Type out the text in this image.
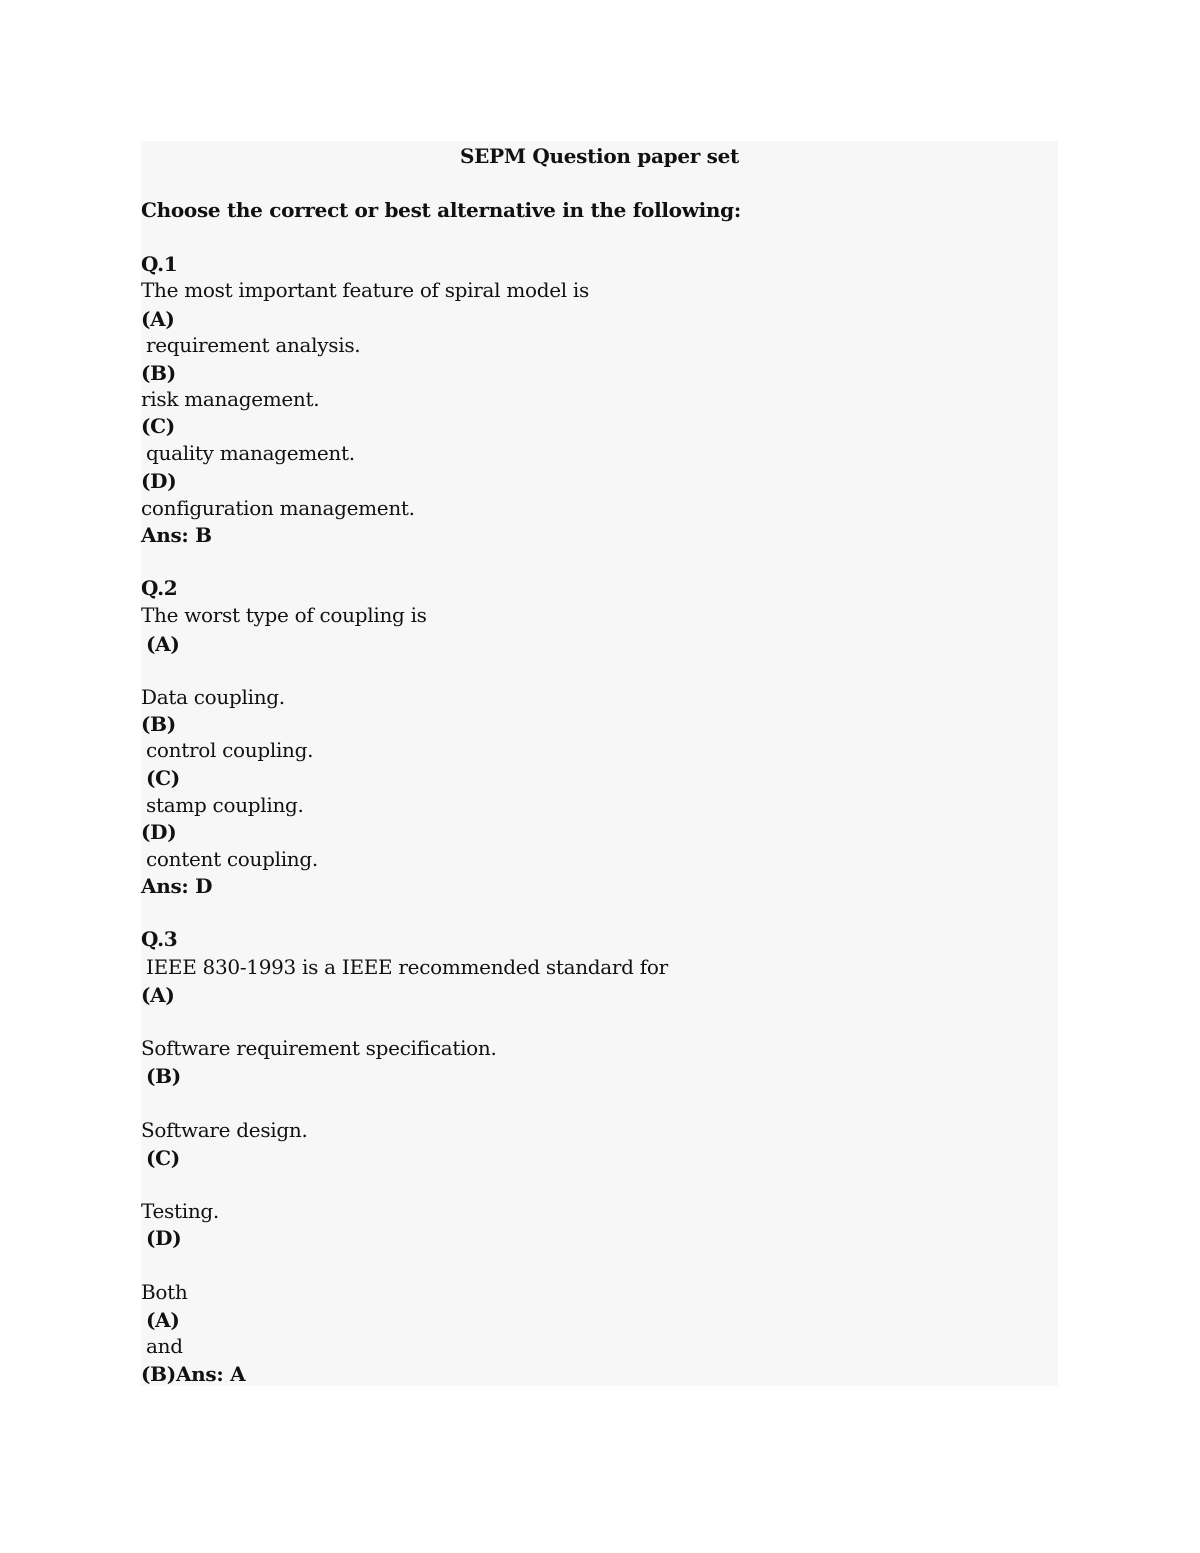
SEPM Question paper set
Choose the correct or best alternative in the following:
Q.1
The most important feature of spiral model is
(A)
requirement analysis.
(B)
risk management.
(C)
quality management.
(D)
configuration management.
Ans: B
Q.2
The worst type of coupling is
(A)
Data coupling.
(B)
control coupling.
(C)
stamp coupling.
(D)
content coupling.
Ans: D
Q.3
IEEE 830-1993 is a IEEE recommended standard for
(A)
Software requirement specification.
(B)
Software design.
(C)
Testing.
(D)
Both
(A)
and
(B)Ans: A
